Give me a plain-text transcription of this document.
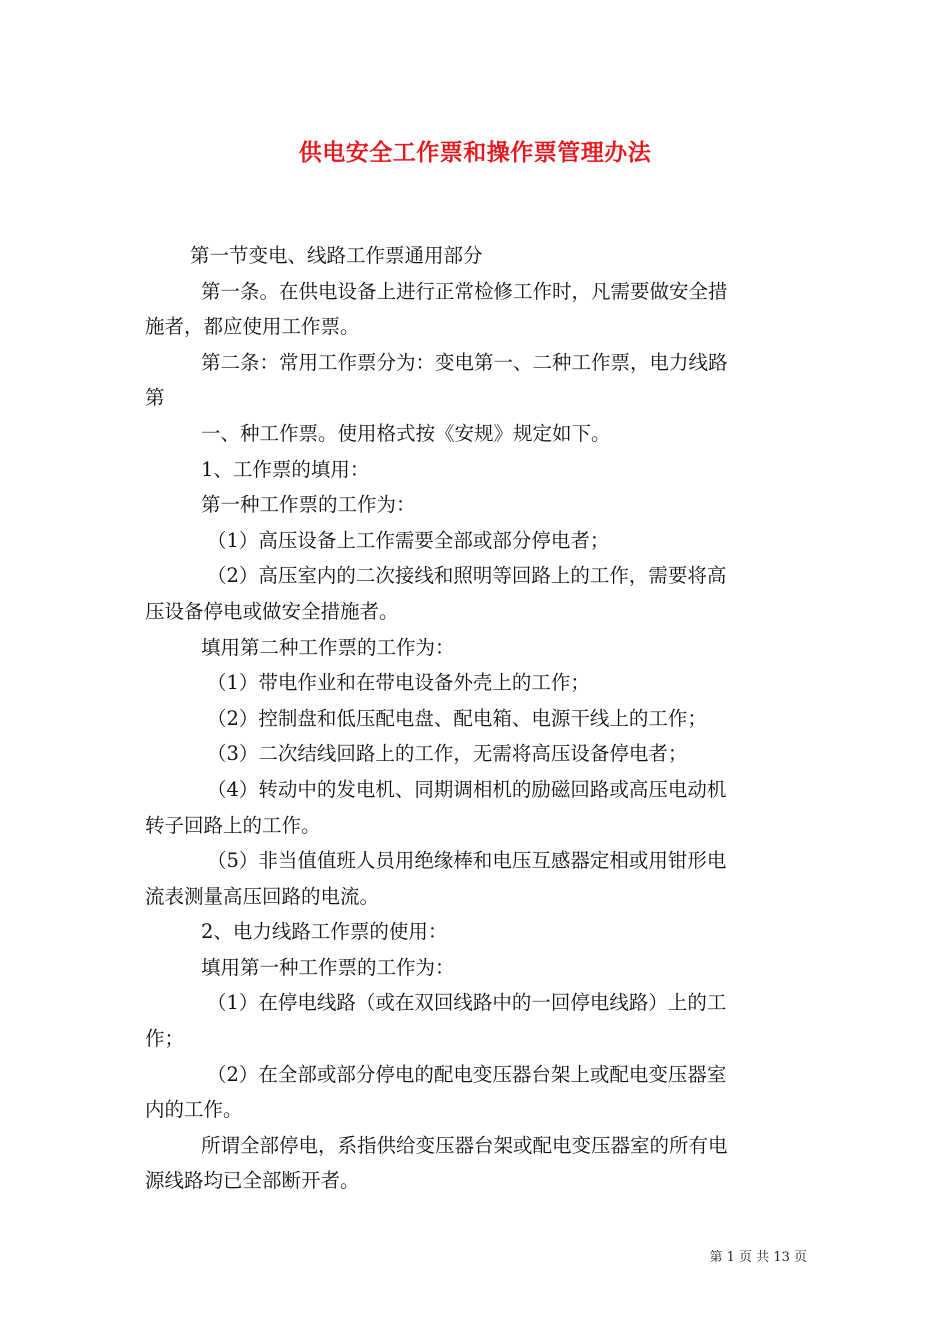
供电安全工作票和操作票管理办法
第一节变电、线路工作票通用部分
第一条。在供电设备上进行正常检修工作时，凡需要做安全措
施者，都应使用工作票。
第二条：常用工作票分为：变电第一、二种工作票，电力线路
第
一、种工作票。使用格式按《安规》规定如下。
1、工作票的填用：
第一种工作票的工作为：
（1）高压设备上工作需要全部或部分停电者；
（2）高压室内的二次接线和照明等回路上的工作，需要将高
压设备停电或做安全措施者。
填用第二种工作票的工作为：
（1）带电作业和在带电设备外壳上的工作；
（2）控制盘和低压配电盘、配电箱、电源干线上的工作；
（3）二次结线回路上的工作，无需将高压设备停电者；
（4）转动中的发电机、同期调相机的励磁回路或高压电动机
转子回路上的工作。
（5）非当值值班人员用绝缘棒和电压互感器定相或用钳形电
流表测量高压回路的电流。
2、电力线路工作票的使用：
填用第一种工作票的工作为：
（1）在停电线路（或在双回线路中的一回停电线路）上的工
作；
（2）在全部或部分停电的配电变压器台架上或配电变压器室
内的工作。
所谓全部停电，系指供给变压器台架或配电变压器室的所有电
源线路均已全部断开者。
第 1 页 共 13 页
